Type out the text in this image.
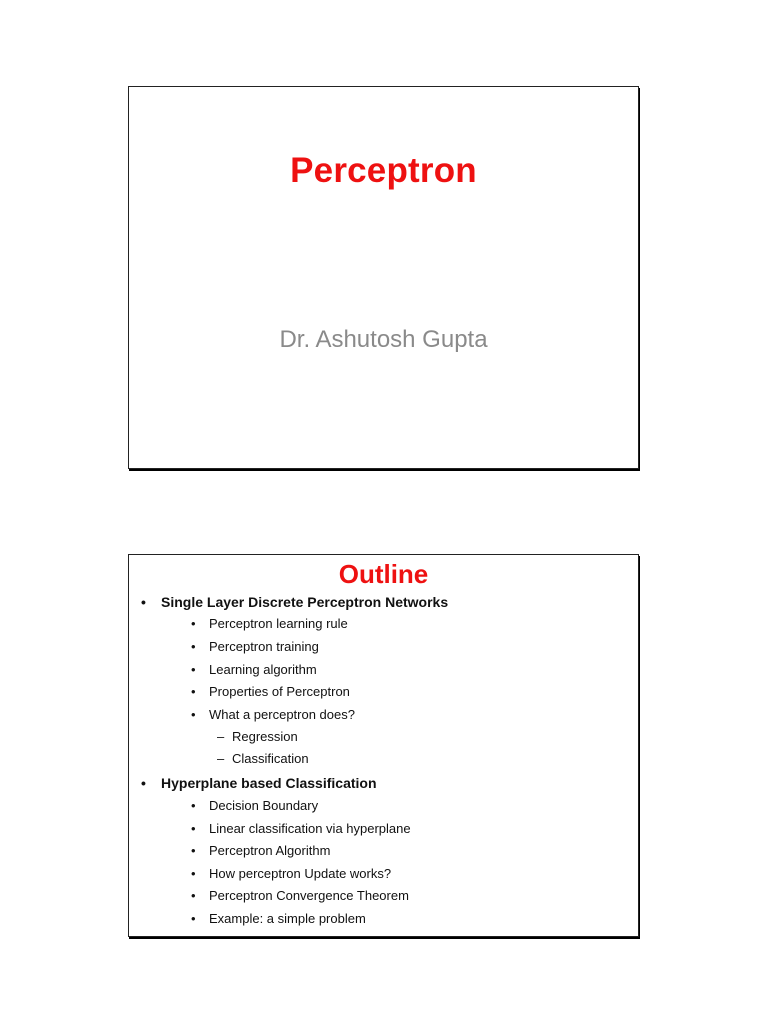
Perceptron
Dr. Ashutosh Gupta
Outline
• Single Layer Discrete Perceptron Networks
• Perceptron learning rule
• Perceptron training
• Learning algorithm
• Properties of Perceptron
• What a perceptron does?
– Regression
– Classification
• Hyperplane based Classification
• Decision Boundary
• Linear classification via hyperplane
• Perceptron Algorithm
• How perceptron Update works?
• Perceptron Convergence Theorem
• Example: a simple problem
